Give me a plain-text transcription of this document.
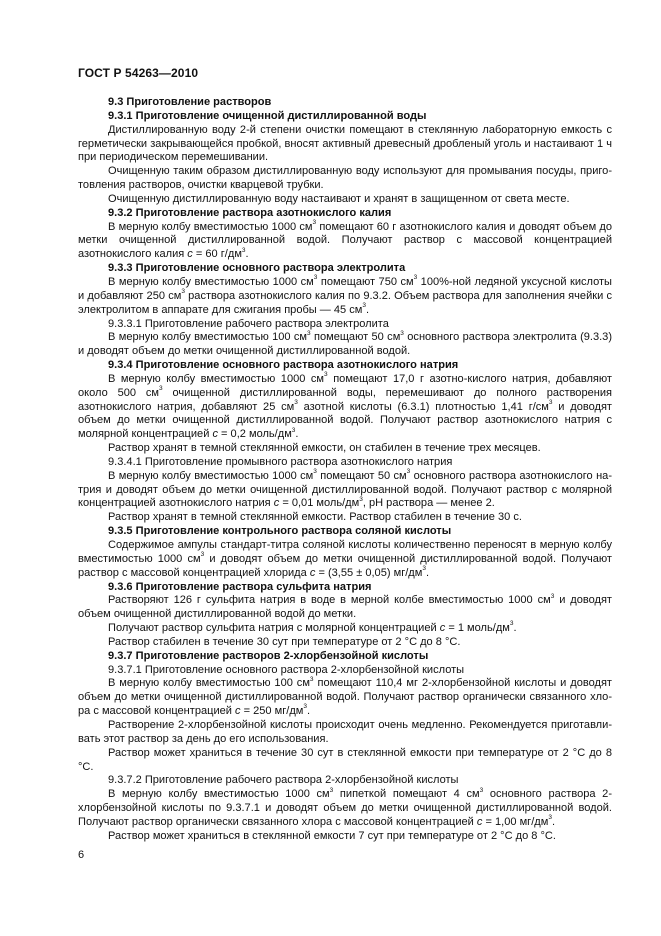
ГОСТ Р 54263—2010

9.3 Приготовление растворов

9.3.1 Приготовление очищенной дистиллированной воды

Дистиллированную воду 2-й степени очистки помещают в стеклянную лабораторную емкость с герметически закрывающейся пробкой, вносят активный древесный дробленый уголь и настаивают 1 ч при периодическом перемешивании.

Очищенную таким образом дистиллированную воду используют для промывания посуды, приготовления растворов, очистки кварцевой трубки.

Очищенную дистиллированную воду настаивают и хранят в защищенном от света месте.

9.3.2 Приготовление раствора азотнокислого калия

В мерную колбу вместимостью 1000 $см^3$ помещают 60 г азотнокислого калия и доводят объем до метки очищенной дистиллированной водой. Получают раствор с массовой концентрацией азотнокислого калия с = 60 $г/дм^3$.

9.3.3 Приготовление основного раствора электролита

В мерную колбу вместимостью 1000 $см^3$ помещают 750 $см^3$ 100%-ной ледяной уксусной кислоты и добавляют 250 $см^3$ раствора азотнокислого калия по 9.3.2. Объем раствора для заполнения ячейки с электролитом в аппарате для сжигания пробы — 45 $см^3$.

9.3.3.1 Приготовление рабочего раствора электролита

В мерную колбу вместимостью 100 $см^3$ помещают 50 $см^3$ основного раствора электролита (9.3.3) и доводят объем до метки очищенной дистиллированной водой.

9.3.4 Приготовление основного раствора азотнокислого натрия

В мерную колбу вместимостью 1000 $см^3$ помещают 17,0 г азотно-кислого натрия, добавляют около 500 $см^3$ очищенной дистиллированной воды, перемешивают до полного растворения азотнокислого натрия, добавляют 25 $см^3$ азотной кислоты (6.3.1) плотностью 1,41 $г/см^3$ и доводят объем до метки очищенной дистиллированной водой. Получают раствор азотнокислого натрия с молярной концентрацией с = 0,2 моль/$дм^3$.

Раствор хранят в темной стеклянной емкости, он стабилен в течение трех месяцев.

9.3.4.1 Приготовление промывного раствора азотнокислого натрия

В мерную колбу вместимостью 1000 $см^3$ помещают 50 $см^3$ основного раствора азотнокислого натрия и доводят объем до метки очищенной дистиллированной водой. Получают раствор с молярной концентрацией азотнокислого натрия с = 0,01 моль/$дм^3$, pH раствора — менее 2.

Раствор хранят в темной стеклянной емкости. Раствор стабилен в течение 30 с.

9.3.5 Приготовление контрольного раствора соляной кислоты

Содержимое ампулы стандарт-титра соляной кислоты количественно переносят в мерную колбу вместимостью 1000 $см^3$ и доводят объем до метки очищенной дистиллированной водой. Получают раствор с массовой концентрацией хлорида с = (3,55 ± 0,05) $мг/дм^3$.

9.3.6 Приготовление раствора сульфита натрия

Растворяют 126 г сульфита натрия в воде в мерной колбе вместимостью 1000 $см^3$ и доводят объем очищенной дистиллированной водой до метки.

Получают раствор сульфита натрия с молярной концентрацией с = 1 моль/$дм^3$.

Раствор стабилен в течение 30 сут при температуре от 2 °С до 8 °С.

9.3.7 Приготовление растворов 2-хлорбензойной кислоты

9.3.7.1 Приготовление основного раствора 2-хлорбензойной кислоты

В мерную колбу вместимостью 100 $см^3$ помещают 110,4 мг 2-хлорбензойной кислоты и доводят объем до метки очищенной дистиллированной водой. Получают раствор органически связанного хлора с массовой концентрацией с = 250 $мг/дм^3$.

Растворение 2-хлорбензойной кислоты происходит очень медленно. Рекомендуется приготавливать этот раствор за день до его использования.

Раствор может храниться в течение 30 сут в стеклянной емкости при температуре от 2 °С до 8 °С.

9.3.7.2 Приготовление рабочего раствора 2-хлорбензойной кислоты

В мерную колбу вместимостью 1000 $см^3$ пипеткой помещают 4 $см^3$ основного раствора 2-хлорбензойной кислоты по 9.3.7.1 и доводят объем до метки очищенной дистиллированной водой. Получают раствор органически связанного хлора с массовой концентрацией с = 1,00 $мг/дм^3$.

Раствор может храниться в стеклянной емкости 7 сут при температуре от 2 °С до 8 °С.

6
